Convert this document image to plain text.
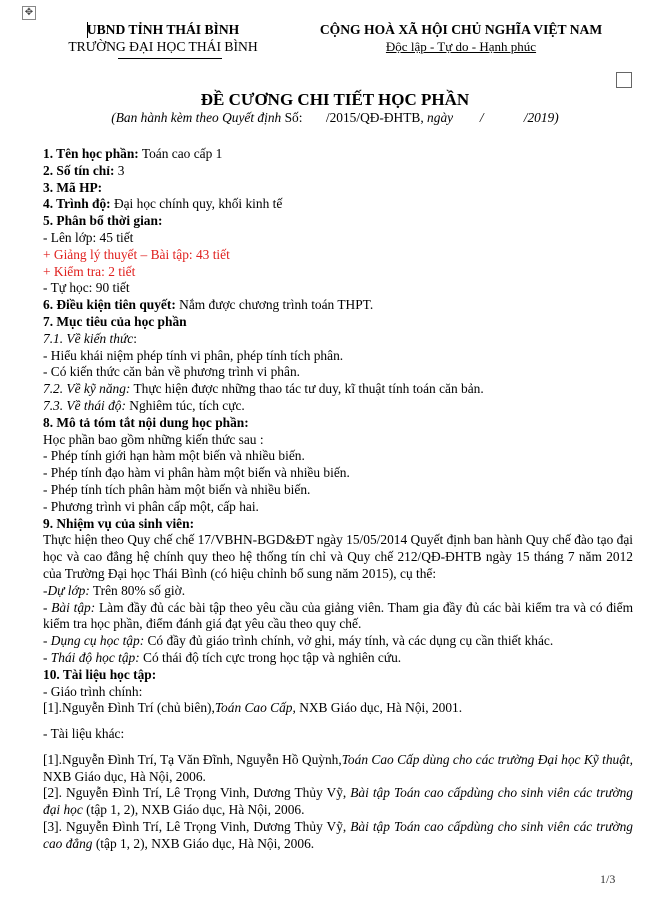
✥
UBND TỈNH THÁI BÌNH
TRƯỜNG ĐẠI HỌC THÁI BÌNH
CỘNG HOÀ XÃ HỘI CHỦ NGHĨA VIỆT NAM
Độc lập - Tự do - Hạnh phúc
ĐỀ CƯƠNG CHI TIẾT HỌC PHẦN
(Ban hành kèm theo Quyết định Số:       /2015/QĐ-ĐHTB, ngày        /            /2019)
1. Tên học phần: Toán cao cấp 1
2. Số tín chỉ: 3
3. Mã HP:
4. Trình độ: Đại học chính quy, khối kinh tế
5. Phân bổ thời gian:
- Lên lớp: 45 tiết
+ Giảng lý thuyết – Bài tập: 43 tiết
+ Kiểm tra: 2 tiết
- Tự học: 90 tiết
6. Điều kiện tiên quyết: Nắm được chương trình toán THPT.
7. Mục tiêu của học phần
7.1. Về kiến thức:
- Hiểu khái niệm phép tính vi phân, phép tính tích phân.
- Có kiến thức căn bản về phương trình vi phân.
7.2. Về kỹ năng: Thực hiện được những thao tác tư duy, kĩ thuật tính toán căn bản.
7.3. Về thái độ: Nghiêm túc, tích cực.
8. Mô tả tóm tắt nội dung học phần:
Học phần bao gồm những kiến thức sau :
- Phép tính giới hạn hàm một biến và nhiều biến.
- Phép tính đạo hàm vi phân hàm một biến và nhiều biến.
- Phép tính tích phân hàm một biến và nhiều biến.
- Phương trình vi phân cấp một, cấp hai.
9. Nhiệm vụ của sinh viên:
Thực hiện theo Quy chế chế 17/VBHN-BGD&ĐT ngày 15/05/2014 Quyết định ban hành Quy chế đào tạo đại học và cao đẳng hệ chính quy theo hệ thống tín chỉ và Quy chế 212/QĐ-ĐHTB ngày 15 tháng 7 năm 2012 của Trường Đại học Thái Bình (có hiệu chỉnh bổ sung năm 2015), cụ thể:
-Dự lớp: Trên 80% số giờ.
- Bài tập: Làm đầy đủ các bài tập theo yêu cầu của giảng viên. Tham gia đầy đủ các bài kiểm tra và có điểm kiểm tra học phần, điểm đánh giá đạt yêu cầu theo quy chế.
- Dụng cụ học tập: Có đầy đủ giáo trình chính, vở ghi, máy tính, và các dụng cụ cần thiết khác.
- Thái độ học tập: Có thái độ tích cực trong học tập và nghiên cứu.
10. Tài liệu học tập:
- Giáo trình chính:
[1].Nguyễn Đình Trí (chủ biên),Toán Cao Cấp, NXB Giáo dục, Hà Nội, 2001.
- Tài liệu khác:
[1].Nguyễn Đình Trí, Tạ Văn Đĩnh, Nguyễn Hồ Quỳnh,Toán Cao Cấp dùng cho các trường Đại học Kỹ thuật, NXB Giáo dục, Hà Nội, 2006.
[2]. Nguyễn Đình Trí, Lê Trọng Vinh, Dương Thủy Vỹ, Bài tập Toán cao cấpdùng cho sinh viên các trường đại học (tập 1, 2), NXB Giáo dục, Hà Nội, 2006.
[3]. Nguyễn Đình Trí, Lê Trọng Vinh, Dương Thủy Vỹ, Bài tập Toán cao cấpdùng cho sinh viên các trường cao đẳng (tập 1, 2), NXB Giáo dục, Hà Nội, 2006.
1/3
